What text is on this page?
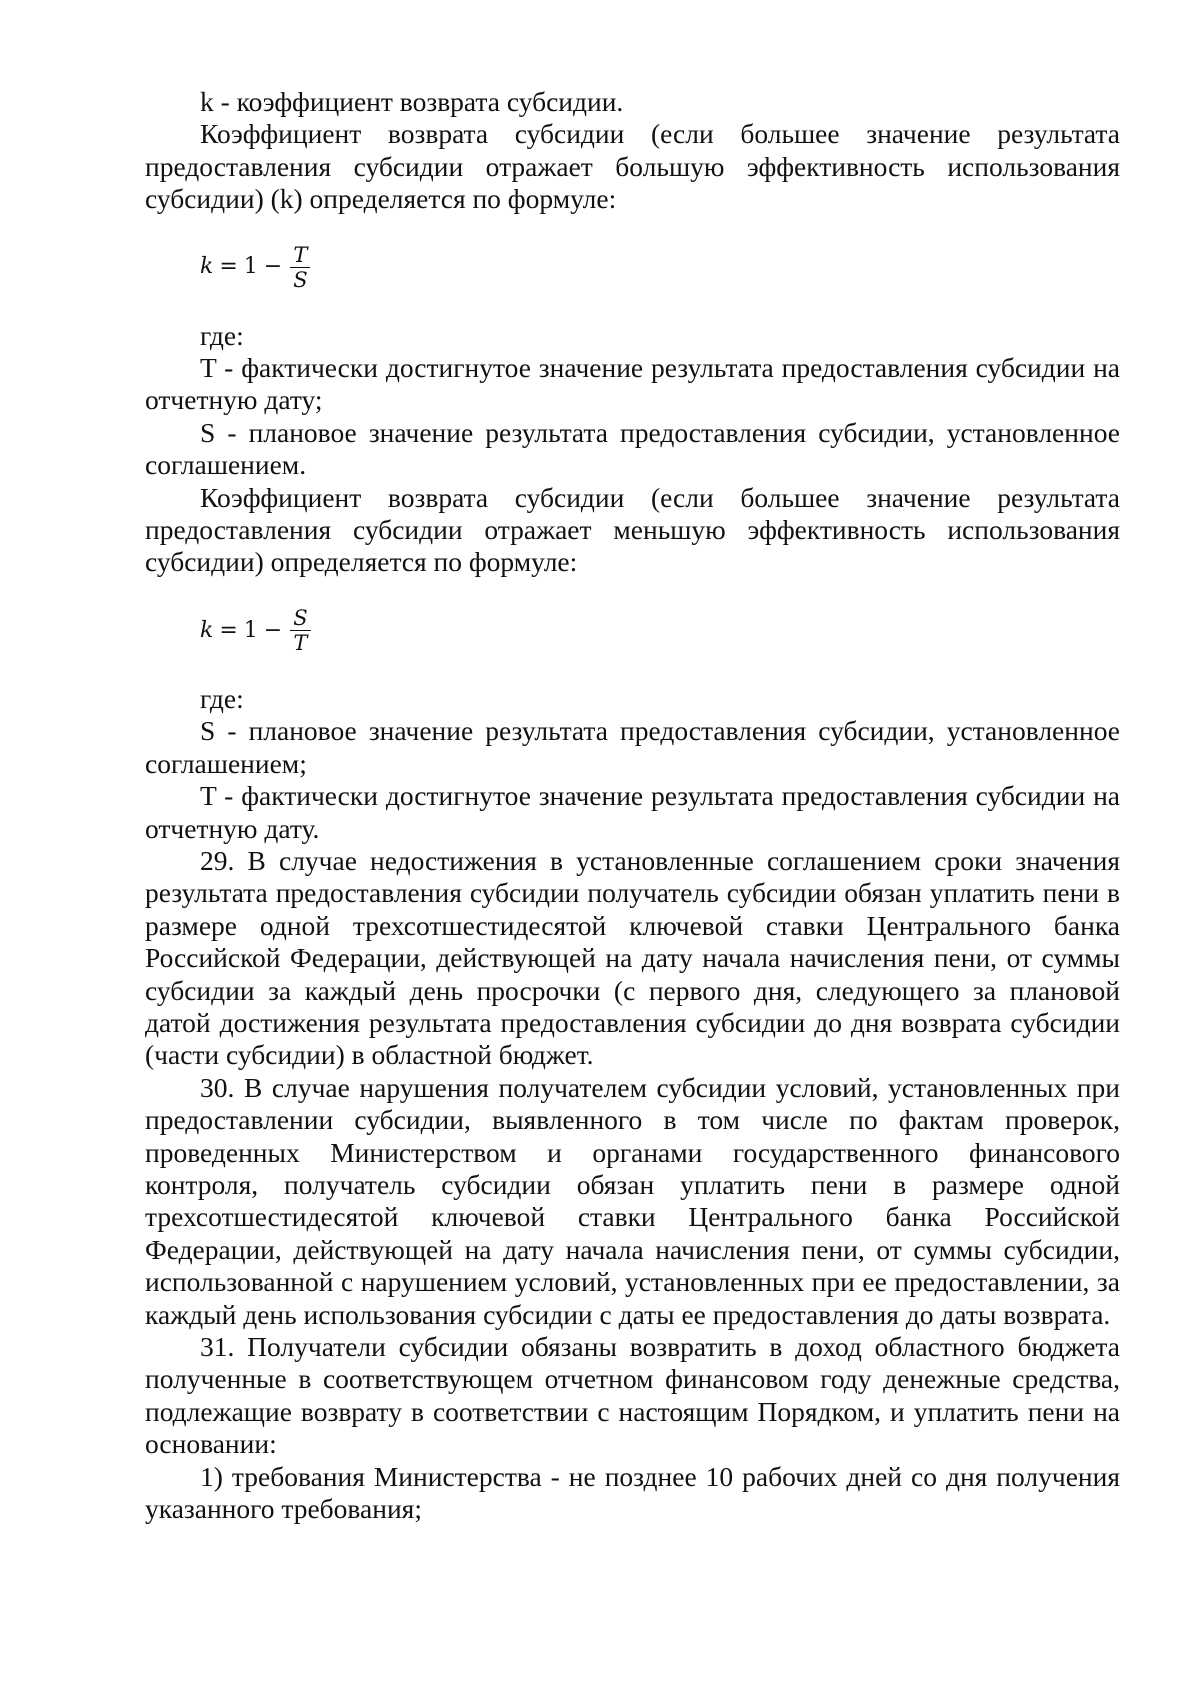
k - коэффициент возврата субсидии.

Коэффициент возврата субсидии (если большее значение результата предоставления субсидии отражает большую эффективность использования субсидии) (k) определяется по формуле:

$k = 1 - \frac{T}{S}$

где:

T - фактически достигнутое значение результата предоставления субсидии на отчетную дату;

S - плановое значение результата предоставления субсидии, установленное соглашением.

Коэффициент возврата субсидии (если большее значение результата предоставления субсидии отражает меньшую эффективность использования субсидии) определяется по формуле:

$k = 1 - \frac{S}{T}$

где:

S - плановое значение результата предоставления субсидии, установленное соглашением;

T - фактически достигнутое значение результата предоставления субсидии на отчетную дату.

29. В случае недостижения в установленные соглашением сроки значения результата предоставления субсидии получатель субсидии обязан уплатить пени в размере одной трехсотшестидесятой ключевой ставки Центрального банка Российской Федерации, действующей на дату начала начисления пени, от суммы субсидии за каждый день просрочки (с первого дня, следующего за плановой датой достижения результата предоставления субсидии до дня возврата субсидии (части субсидии) в областной бюджет.

30. В случае нарушения получателем субсидии условий, установленных при предоставлении субсидии, выявленного в том числе по фактам проверок, проведенных Министерством и органами государственного финансового контроля, получатель субсидии обязан уплатить пени в размере одной трехсотшестидесятой ключевой ставки Центрального банка Российской Федерации, действующей на дату начала начисления пени, от суммы субсидии, использованной с нарушением условий, установленных при ее предоставлении, за каждый день использования субсидии с даты ее предоставления до даты возврата.

31. Получатели субсидии обязаны возвратить в доход областного бюджета полученные в соответствующем отчетном финансовом году денежные средства, подлежащие возврату в соответствии с настоящим Порядком, и уплатить пени на основании:

1) требования Министерства - не позднее 10 рабочих дней со дня получения указанного требования;
